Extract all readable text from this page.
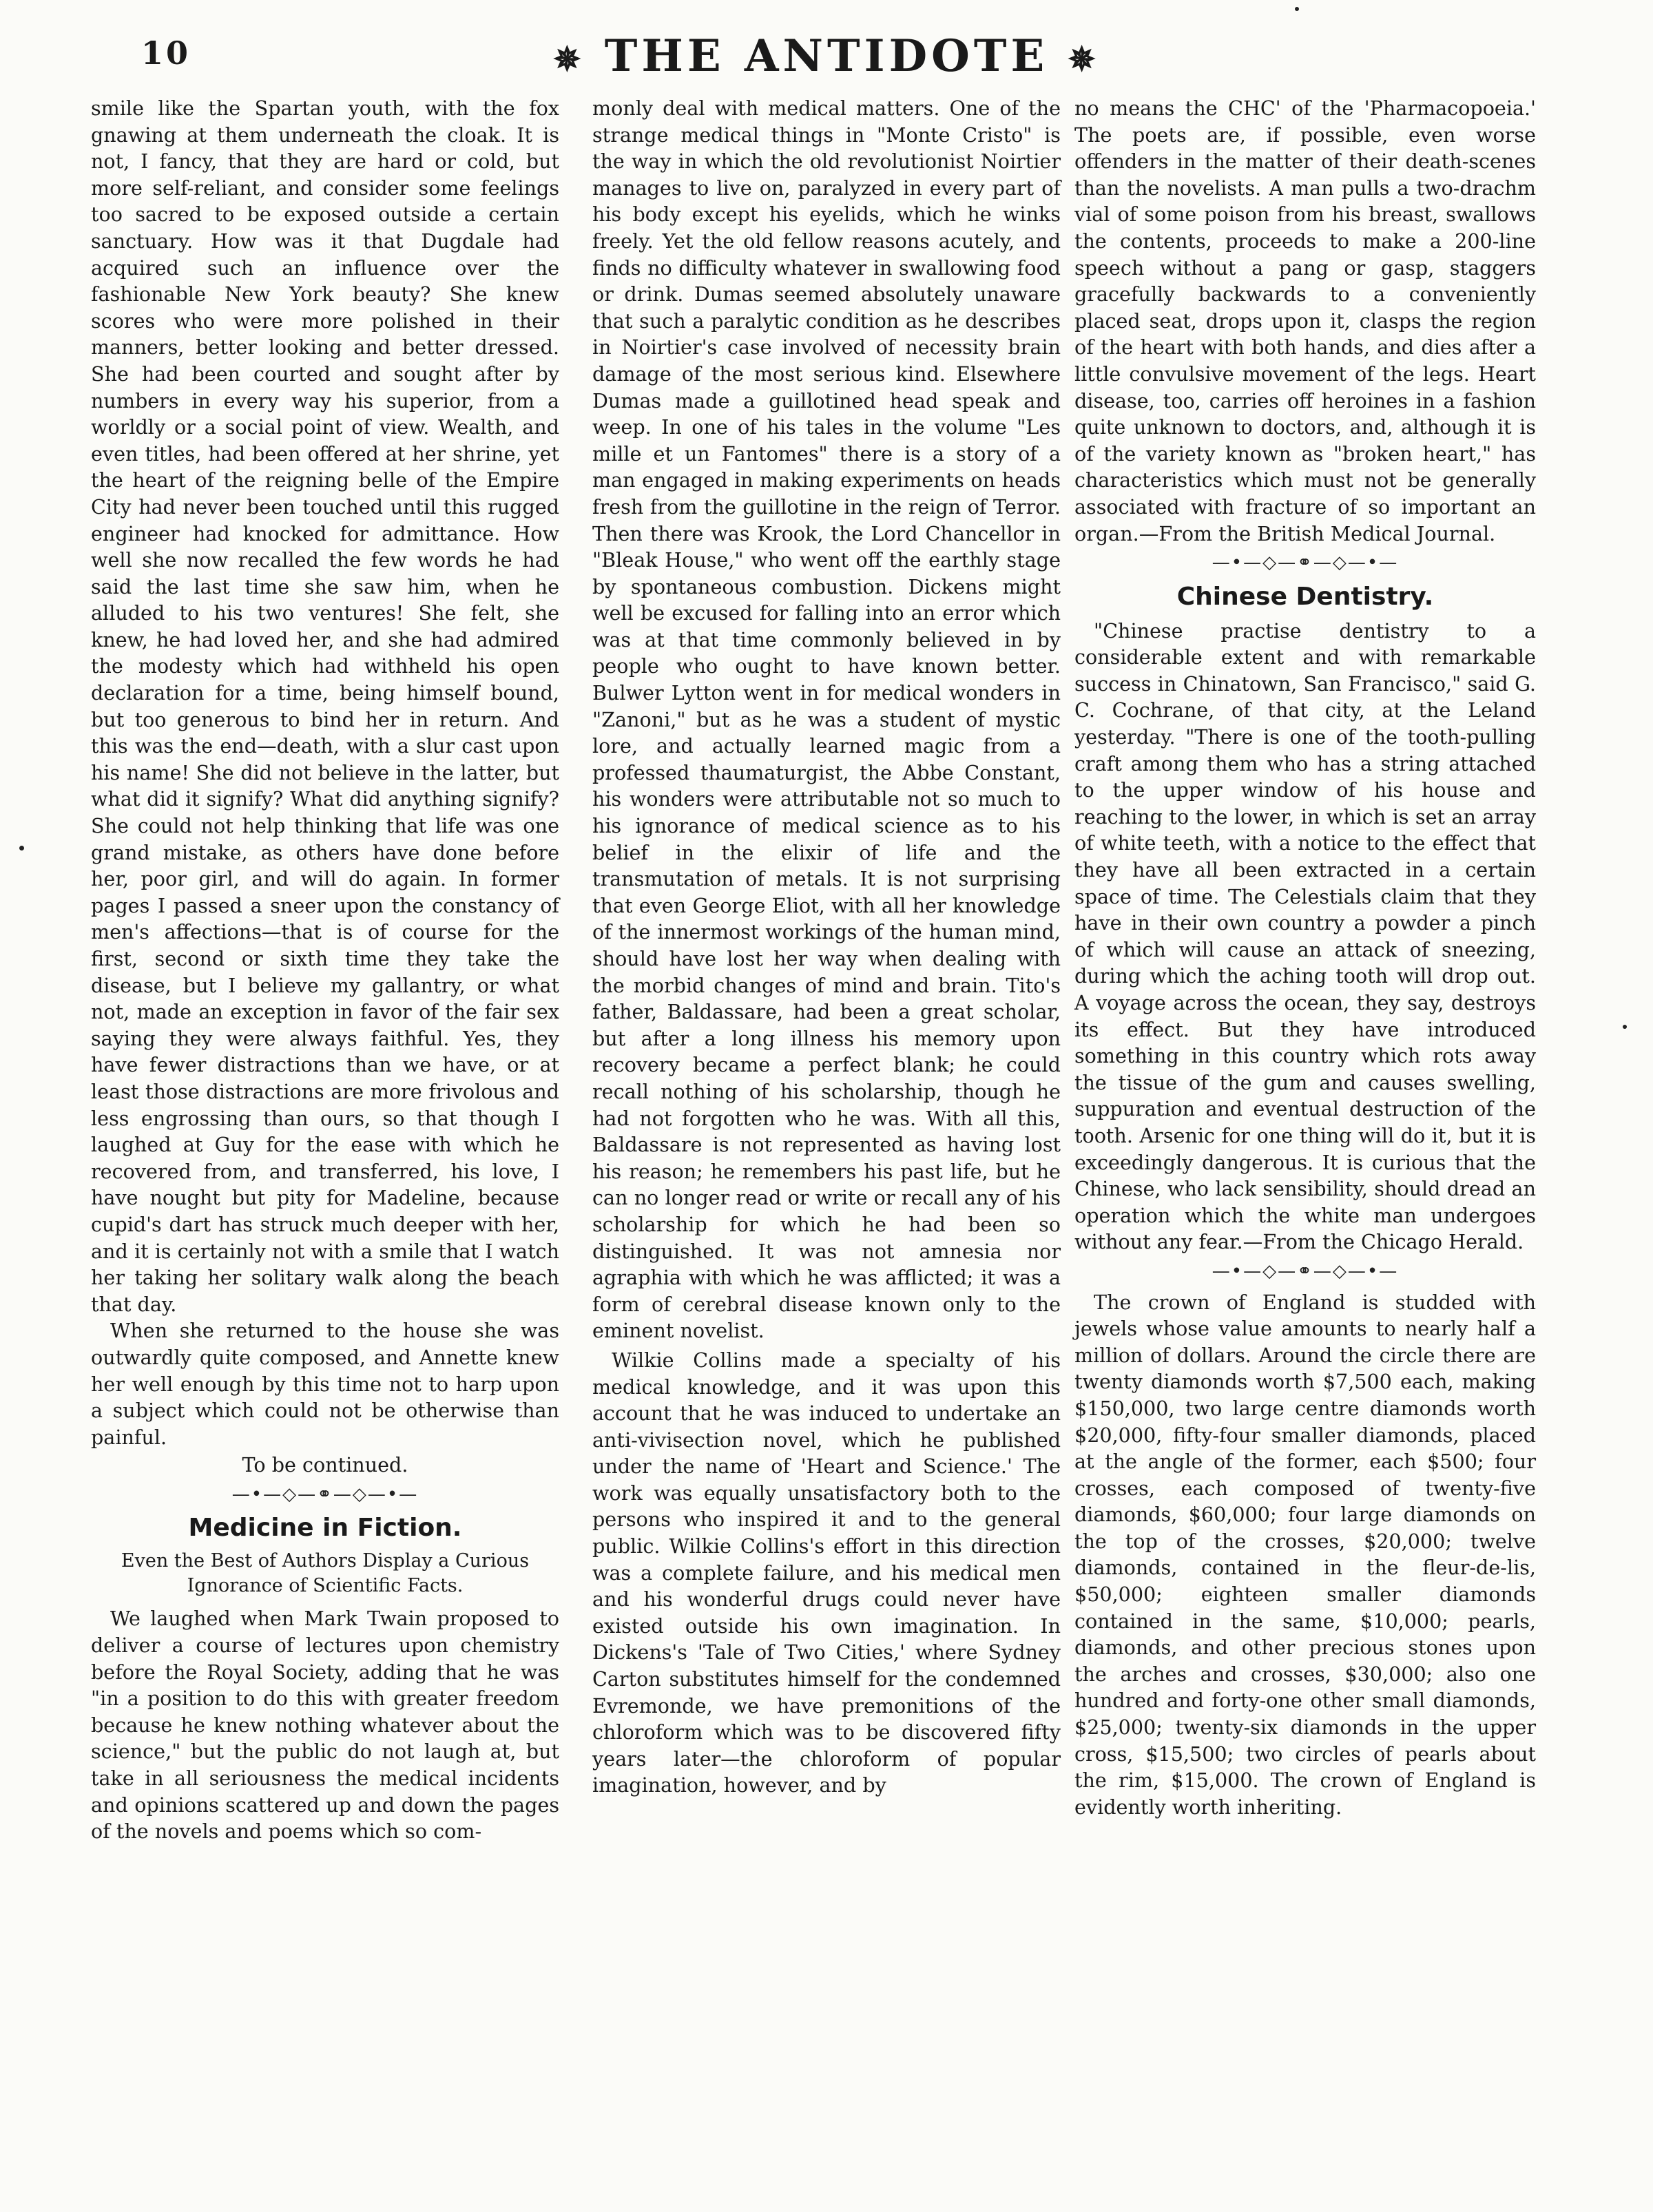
10	✵ THE ANTIDOTE ✵

smile like the Spartan youth, with the fox gnawing at them underneath the cloak. It is not, I fancy, that they are hard or cold, but more self-reliant, and consider some feelings too sacred to be exposed outside a certain sanctuary. How was it that Dugdale had acquired such an influence over the fashionable New York beauty? She knew scores who were more polished in their manners, better looking and better dressed. She had been courted and sought after by numbers in every way his superior, from a worldly or a social point of view. Wealth, and even titles, had been offered at her shrine, yet the heart of the reigning belle of the Empire City had never been touched until this rugged engineer had knocked for admittance. How well she now recalled the few words he had said the last time she saw him, when he alluded to his two ventures! She felt, she knew, he had loved her, and she had admired the modesty which had withheld his open declaration for a time, being himself bound, but too generous to bind her in return. And this was the end—death, with a slur cast upon his name! She did not believe in the latter, but what did it signify? What did anything signify? She could not help thinking that life was one grand mistake, as others have done before her, poor girl, and will do again. In former pages I passed a sneer upon the constancy of men's affections—that is of course for the first, second or sixth time they take the disease, but I believe my gallantry, or what not, made an exception in favor of the fair sex saying they were always faithful. Yes, they have fewer distractions than we have, or at least those distractions are more frivolous and less engrossing than ours, so that though I laughed at Guy for the ease with which he recovered from, and transferred, his love, I have nought but pity for Madeline, because cupid's dart has struck much deeper with her, and it is certainly not with a smile that I watch her taking her solitary walk along the beach that day.

When she returned to the house she was outwardly quite composed, and Annette knew her well enough by this time not to harp upon a subject which could not be otherwise than painful.

To be continued.

—•—◇—⚭—◇—•—
Medicine in Fiction.

Even the Best of Authors Display a Curious Ignorance of Scientific Facts.

We laughed when Mark Twain proposed to deliver a course of lectures upon chemistry before the Royal Society, adding that he was "in a position to do this with greater freedom because he knew nothing whatever about the science," but the public do not laugh at, but take in all seriousness the medical incidents and opinions scattered up and down the pages of the novels and poems which so com-

monly deal with medical matters. One of the strange medical things in "Monte Cristo" is the way in which the old revolutionist Noirtier manages to live on, paralyzed in every part of his body except his eyelids, which he winks freely. Yet the old fellow reasons acutely, and finds no difficulty whatever in swallowing food or drink. Dumas seemed absolutely unaware that such a paralytic condition as he describes in Noirtier's case involved of necessity brain damage of the most serious kind. Elsewhere Dumas made a guillotined head speak and weep. In one of his tales in the volume "Les mille et un Fantomes" there is a story of a man engaged in making experiments on heads fresh from the guillotine in the reign of Terror. Then there was Krook, the Lord Chancellor in "Bleak House," who went off the earthly stage by spontaneous combustion. Dickens might well be excused for falling into an error which was at that time commonly believed in by people who ought to have known better. Bulwer Lytton went in for medical wonders in "Zanoni," but as he was a student of mystic lore, and actually learned magic from a professed thaumaturgist, the Abbe Constant, his wonders were attributable not so much to his ignorance of medical science as to his belief in the elixir of life and the transmutation of metals. It is not surprising that even George Eliot, with all her knowledge of the innermost workings of the human mind, should have lost her way when dealing with the morbid changes of mind and brain. Tito's father, Baldassare, had been a great scholar, but after a long illness his memory upon recovery became a perfect blank; he could recall nothing of his scholarship, though he had not forgotten who he was. With all this, Baldassare is not represented as having lost his reason; he remembers his past life, but he can no longer read or write or recall any of his scholarship for which he had been so distinguished. It was not amnesia nor agraphia with which he was afflicted; it was a form of cerebral disease known only to the eminent novelist.

Wilkie Collins made a specialty of his medical knowledge, and it was upon this account that he was induced to undertake an anti-vivisection novel, which he published under the name of 'Heart and Science.' The work was equally unsatisfactory both to the persons who inspired it and to the general public. Wilkie Collins's effort in this direction was a complete failure, and his medical men and his wonderful drugs could never have existed outside his own imagination. In Dickens's 'Tale of Two Cities,' where Sydney Carton substitutes himself for the condemned Evremonde, we have premonitions of the chloroform which was to be discovered fifty years later—the chloroform of popular imagination, however, and by

no means the CHC' of the 'Pharmacopoeia.' The poets are, if possible, even worse offenders in the matter of their death-scenes than the novelists. A man pulls a two-drachm vial of some poison from his breast, swallows the contents, proceeds to make a 200-line speech without a pang or gasp, staggers gracefully backwards to a conveniently placed seat, drops upon it, clasps the region of the heart with both hands, and dies after a little convulsive movement of the legs. Heart disease, too, carries off heroines in a fashion quite unknown to doctors, and, although it is of the variety known as "broken heart," has characteristics which must not be generally associated with fracture of so important an organ.—From the British Medical Journal.

—•—◇—⚭—◇—•—
Chinese Dentistry.

"Chinese practise dentistry to a considerable extent and with remarkable success in Chinatown, San Francisco," said G. C. Cochrane, of that city, at the Leland yesterday. "There is one of the tooth-pulling craft among them who has a string attached to the upper window of his house and reaching to the lower, in which is set an array of white teeth, with a notice to the effect that they have all been extracted in a certain space of time. The Celestials claim that they have in their own country a powder a pinch of which will cause an attack of sneezing, during which the aching tooth will drop out. A voyage across the ocean, they say, destroys its effect. But they have introduced something in this country which rots away the tissue of the gum and causes swelling, suppuration and eventual destruction of the tooth. Arsenic for one thing will do it, but it is exceedingly dangerous. It is curious that the Chinese, who lack sensibility, should dread an operation which the white man undergoes without any fear.—From the Chicago Herald.

—•—◇—⚭—◇—•—

The crown of England is studded with jewels whose value amounts to nearly half a million of dollars. Around the circle there are twenty diamonds worth $7,500 each, making $150,000, two large centre diamonds worth $20,000, fifty-four smaller diamonds, placed at the angle of the former, each $500; four crosses, each composed of twenty-five diamonds, $60,000; four large diamonds on the top of the crosses, $20,000; twelve diamonds, contained in the fleur-de-lis, $50,000; eighteen smaller diamonds contained in the same, $10,000; pearls, diamonds, and other precious stones upon the arches and crosses, $30,000; also one hundred and forty-one other small diamonds, $25,000; twenty-six diamonds in the upper cross, $15,500; two circles of pearls about the rim, $15,000. The crown of England is evidently worth inheriting.
